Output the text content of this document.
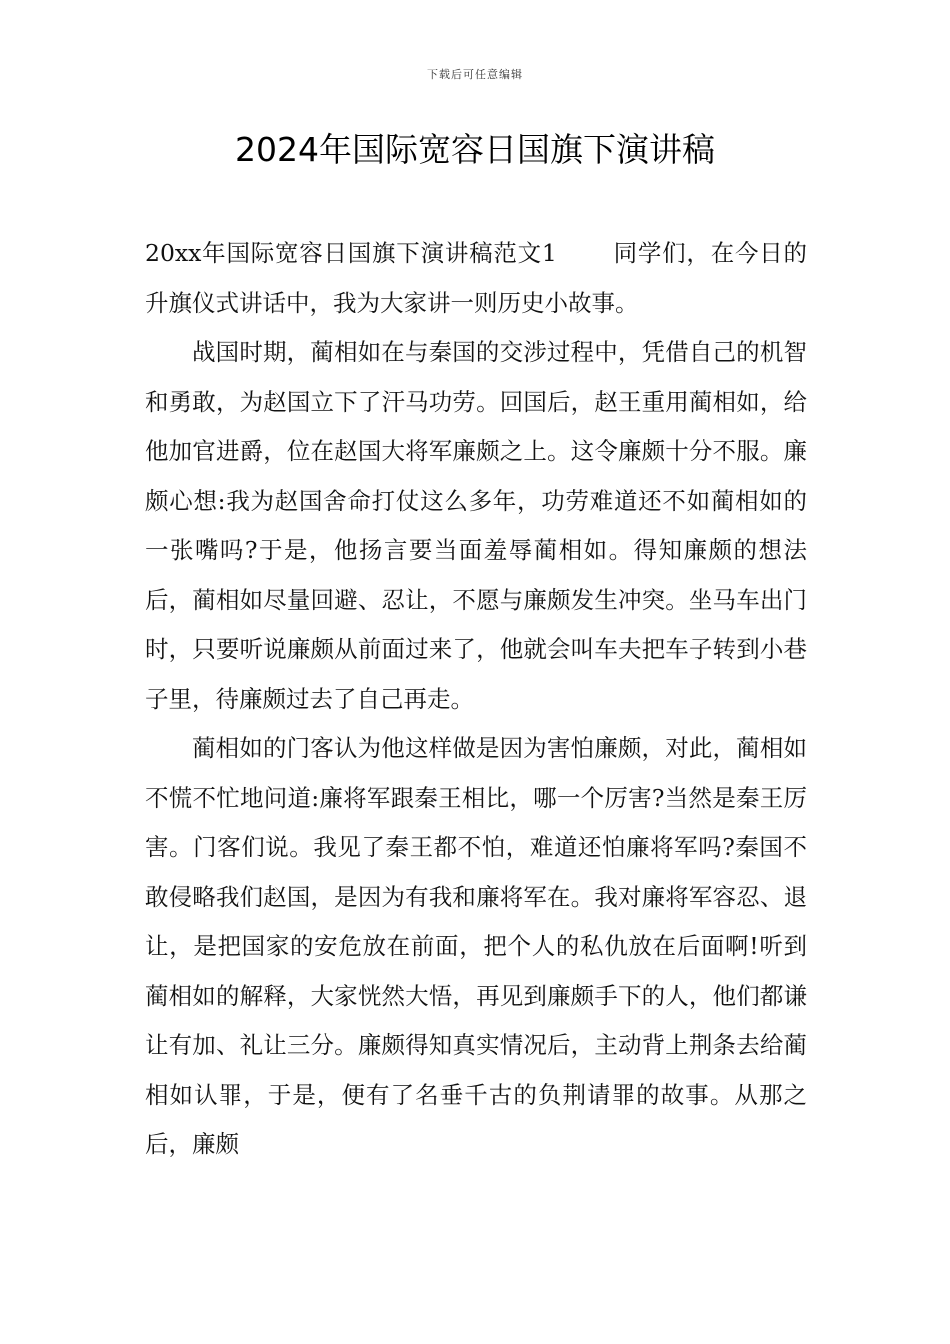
下载后可任意编辑
2024年国际宽容日国旗下演讲稿

20xx年国际宽容日国旗下演讲稿范文1 同学们，在今日的升旗仪式讲话中，我为大家讲一则历史小故事。

战国时期，蔺相如在与秦国的交涉过程中，凭借自己的机智和勇敢，为赵国立下了汗马功劳。回国后，赵王重用蔺相如，给他加官进爵，位在赵国大将军廉颇之上。这令廉颇十分不服。廉颇心想:我为赵国舍命打仗这么多年，功劳难道还不如蔺相如的一张嘴吗?于是，他扬言要当面羞辱蔺相如。得知廉颇的想法后，蔺相如尽量回避、忍让，不愿与廉颇发生冲突。坐马车出门时，只要听说廉颇从前面过来了，他就会叫车夫把车子转到小巷子里，待廉颇过去了自己再走。

蔺相如的门客认为他这样做是因为害怕廉颇，对此，蔺相如不慌不忙地问道:廉将军跟秦王相比，哪一个厉害?当然是秦王厉害。门客们说。我见了秦王都不怕，难道还怕廉将军吗?秦国不敢侵略我们赵国，是因为有我和廉将军在。我对廉将军容忍、退让，是把国家的安危放在前面，把个人的私仇放在后面啊!听到蔺相如的解释，大家恍然大悟，再见到廉颇手下的人，他们都谦让有加、礼让三分。廉颇得知真实情况后，主动背上荆条去给蔺相如认罪，于是，便有了名垂千古的负荆请罪的故事。从那之后，廉颇
